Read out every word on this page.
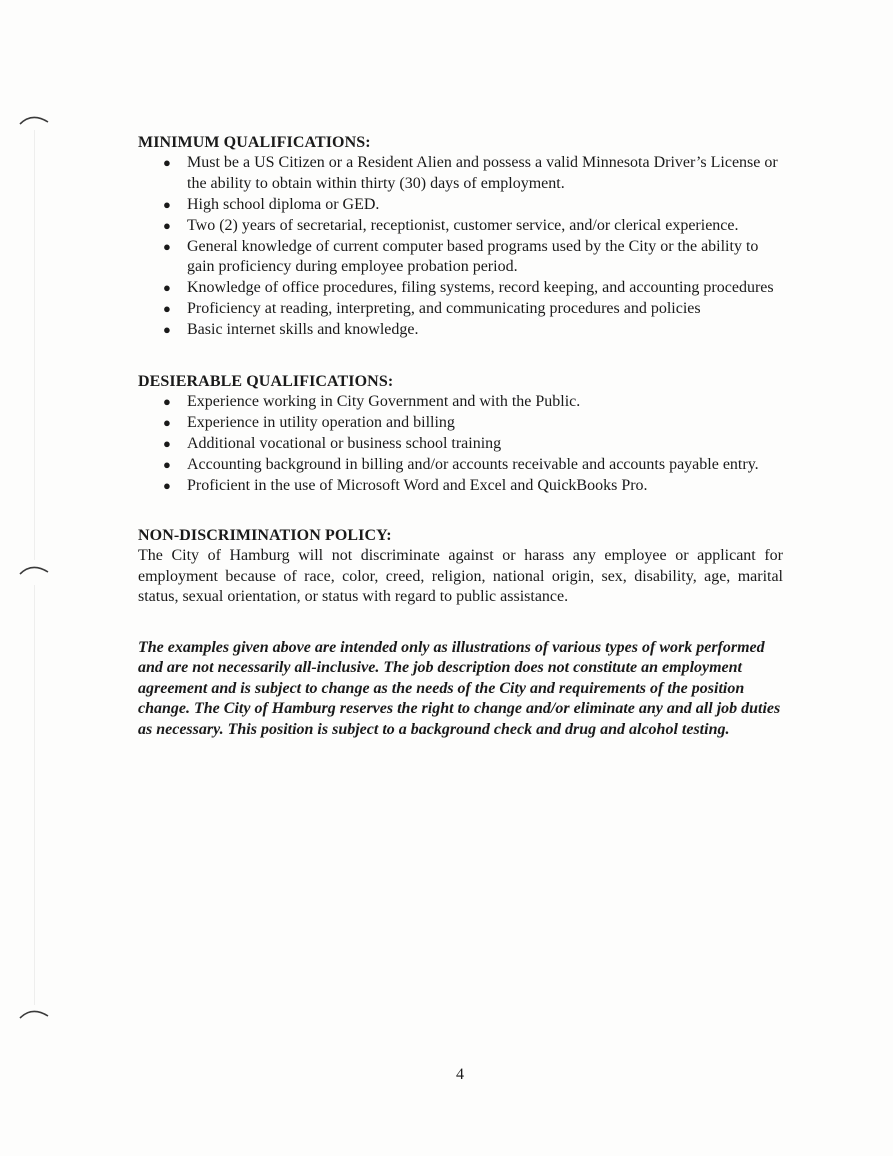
MINIMUM QUALIFICATIONS:
● Must be a US Citizen or a Resident Alien and possess a valid Minnesota Driver’s License or the ability to obtain within thirty (30) days of employment.
● High school diploma or GED.
● Two (2) years of secretarial, receptionist, customer service, and/or clerical experience.
● General knowledge of current computer based programs used by the City or the ability to gain proficiency during employee probation period.
● Knowledge of office procedures, filing systems, record keeping, and accounting procedures
● Proficiency at reading, interpreting, and communicating procedures and policies
● Basic internet skills and knowledge.
DESIERABLE QUALIFICATIONS:
● Experience working in City Government and with the Public.
● Experience in utility operation and billing
● Additional vocational or business school training
● Accounting background in billing and/or accounts receivable and accounts payable entry.
● Proficient in the use of Microsoft Word and Excel and QuickBooks Pro.
NON-DISCRIMINATION POLICY:

The City of Hamburg will not discriminate against or harass any employee or applicant for employment because of race, color, creed, religion, national origin, sex, disability, age, marital status, sexual orientation, or status with regard to public assistance.

The examples given above are intended only as illustrations of various types of work performed and are not necessarily all-inclusive. The job description does not constitute an employment agreement and is subject to change as the needs of the City and requirements of the position change. The City of Hamburg reserves the right to change and/or eliminate any and all job duties as necessary. This position is subject to a background check and drug and alcohol testing.

4
